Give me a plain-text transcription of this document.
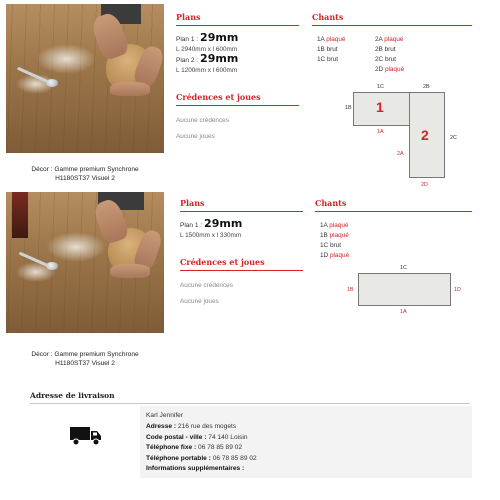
Décor : Gamme premium Synchrone
H1180ST37 Visuel 2
Plans
Plan 1 : 29mm
L 2940mm x l 600mm
Plan 2 : 29mm
L 1200mm x l 600mm
Crédences et joues
Aucune crédences
Aucune joues
Chants
1A plaqué
1B brut
1C brut
2A plaqué
2B brut
2C brut
2D plaqué
1
2
1C
1B
1A
2B
2C
2A
2D
Décor : Gamme premium Synchrone
H1180ST37 Visuel 2
Plans
Plan 1 : 29mm
L 1500mm x l 330mm
Crédences et joues
Aucune crédences
Aucune joues
Chants
1A plaqué
1B plaqué
1C brut
1D plaqué
1C
1B	1D
1A
Adresse de livraison
Karl Jennifer
Adresse : 216 rue des mogets
Code postal - ville : 74 140 Loisin
Téléphone fixe : 06 78 85 89 02
Téléphone portable : 06 78 85 89 02
Informations supplémentaires :
